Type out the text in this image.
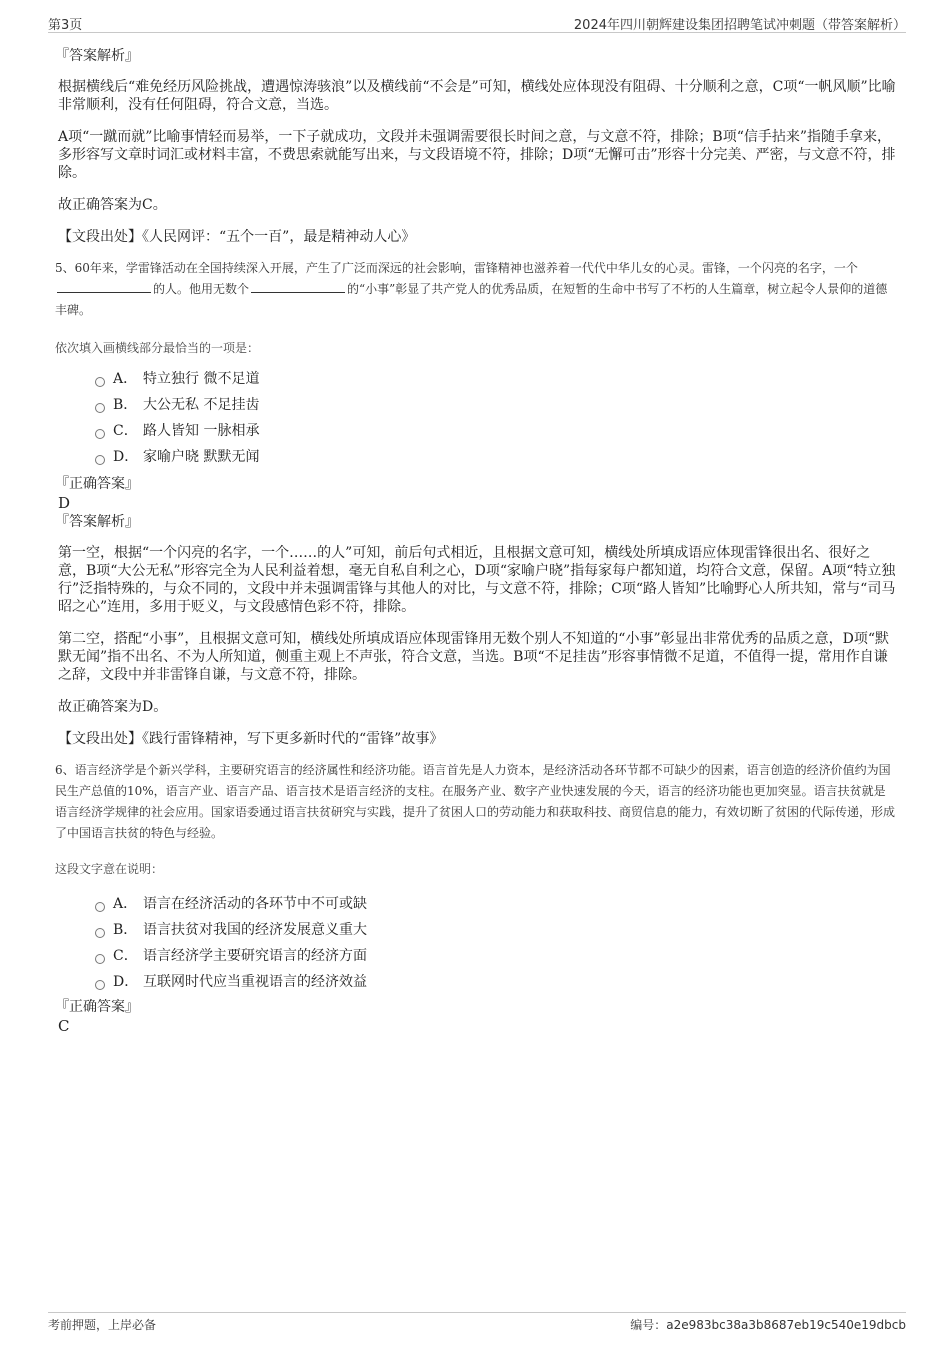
第3页	2024年四川朝辉建设集团招聘笔试冲刺题（带答案解析）

『答案解析』

根据横线后“难免经历风险挑战，遭遇惊涛骇浪”以及横线前“不会是”可知，横线处应体现没有阻碍、十分顺利之意，C项“一帆风顺”比喻非常顺利，没有任何阻碍，符合文意，当选。

A项“一蹴而就”比喻事情轻而易举，一下子就成功，文段并未强调需要很长时间之意，与文意不符，排除；B项“信手拈来”指随手拿来，多形容写文章时词汇或材料丰富，不费思索就能写出来，与文段语境不符，排除；D项“无懈可击”形容十分完美、严密，与文意不符，排除。

故正确答案为C。

【文段出处】《人民网评：“五个一百”，最是精神动人心》

5、60年来，学雷锋活动在全国持续深入开展，产生了广泛而深远的社会影响，雷锋精神也滋养着一代代中华儿女的心灵。雷锋，一个闪亮的名字，一个的人。他用无数个	的“小事”彰显了共产党人的优秀品质，在短暂的生命中书写了不朽的人生篇章，树立起令人景仰的道德丰碑。

依次填入画横线部分最恰当的一项是：

A． 特立独行 微不足道
B． 大公无私 不足挂齿
C． 路人皆知 一脉相承
D． 家喻户晓 默默无闻

『正确答案』

D

『答案解析』

第一空，根据“一个闪亮的名字，一个……的人”可知，前后句式相近，且根据文意可知，横线处所填成语应体现雷锋很出名、很好之意，B项“大公无私”形容完全为人民利益着想，毫无自私自利之心，D项“家喻户晓”指每家每户都知道，均符合文意，保留。A项“特立独行”泛指特殊的，与众不同的，文段中并未强调雷锋与其他人的对比，与文意不符，排除；C项“路人皆知”比喻野心人所共知，常与“司马昭之心”连用，多用于贬义，与文段感情色彩不符，排除。

第二空，搭配“小事”，且根据文意可知，横线处所填成语应体现雷锋用无数个别人不知道的“小事”彰显出非常优秀的品质之意，D项“默默无闻”指不出名、不为人所知道，侧重主观上不声张，符合文意，当选。B项“不足挂齿”形容事情微不足道，不值得一提，常用作自谦之辞，文段中并非雷锋自谦，与文意不符，排除。

故正确答案为D。

【文段出处】《践行雷锋精神，写下更多新时代的“雷锋”故事》

6、语言经济学是个新兴学科，主要研究语言的经济属性和经济功能。语言首先是人力资本，是经济活动各环节都不可缺少的因素，语言创造的经济价值约为国民生产总值的10%，语言产业、语言产品、语言技术是语言经济的支柱。在服务产业、数字产业快速发展的今天，语言的经济功能也更加突显。语言扶贫就是语言经济学规律的社会应用。国家语委通过语言扶贫研究与实践，提升了贫困人口的劳动能力和获取科技、商贸信息的能力，有效切断了贫困的代际传递，形成了中国语言扶贫的特色与经验。

这段文字意在说明：

A． 语言在经济活动的各环节中不可或缺
B． 语言扶贫对我国的经济发展意义重大
C． 语言经济学主要研究语言的经济方面
D． 互联网时代应当重视语言的经济效益

『正确答案』

C

考前押题，上岸必备	编号：a2e983bc38a3b8687eb19c540e19dbcb
